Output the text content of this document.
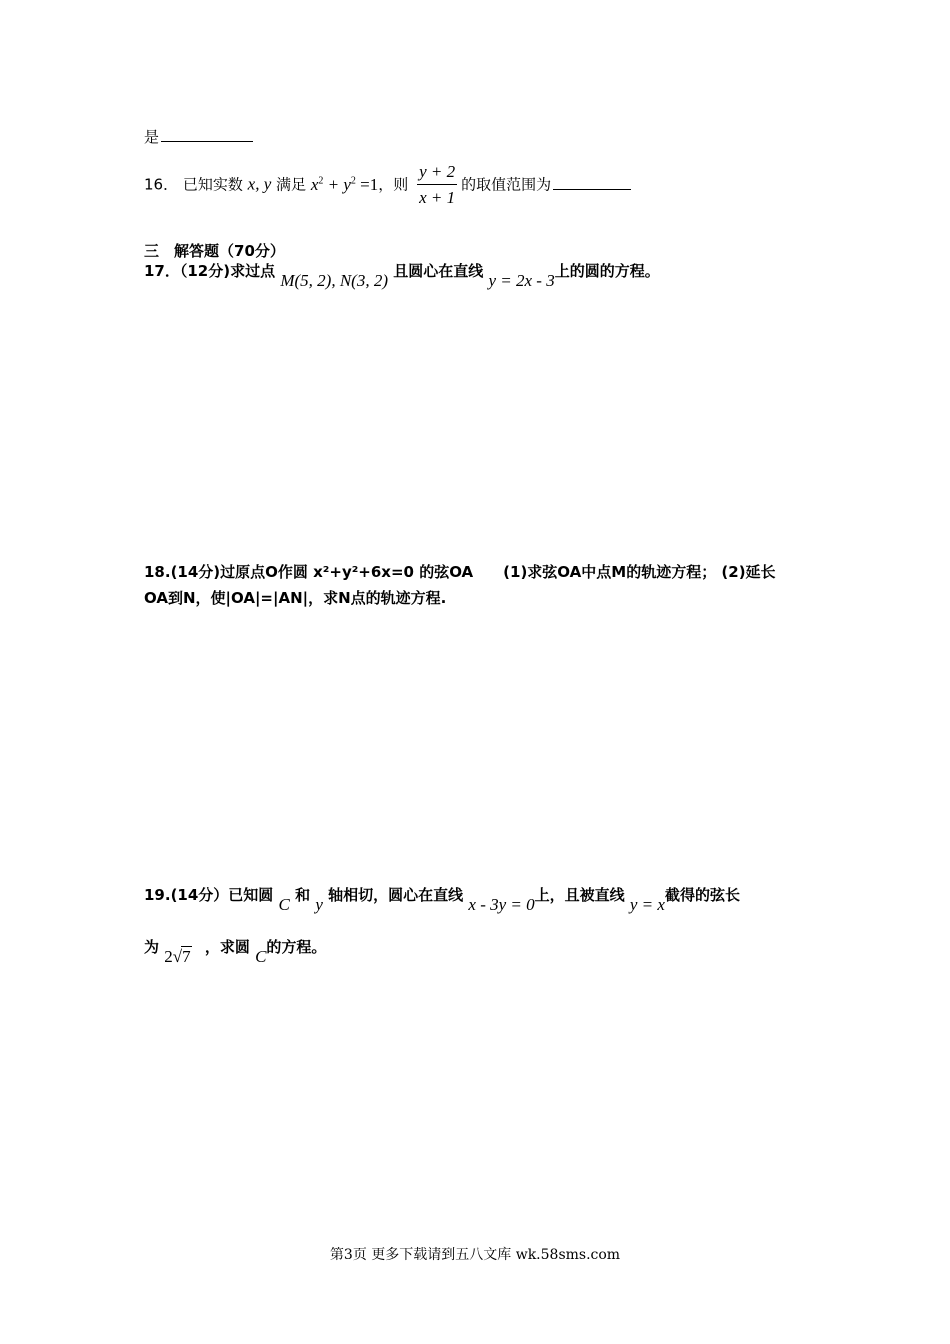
是
16． 已知实数 x, y 满足 $x^2 + y^2 =1$，则 $\frac{y + 2}{x + 1}$ 的取值范围为
三　解答题（70分）
17．（12分)求过点 M(5, 2), N(3, 2) 且圆心在直线 y = 2x - 3上的圆的方程。
18.(14分)过原点O作圆 x²+y²+6x=0 的弦OA　　(1)求弦OA中点M的轨迹方程； (2)延长
OA到N，使|OA|=|AN|，求N点的轨迹方程.
19.(14分）已知圆 C 和 y 轴相切，圆心在直线 x - 3y = 0上，且被直线 y = x截得的弦长
为 2√7 ，求圆 C的方程。
第3页 更多下载请到五八文库 wk.58sms.com
